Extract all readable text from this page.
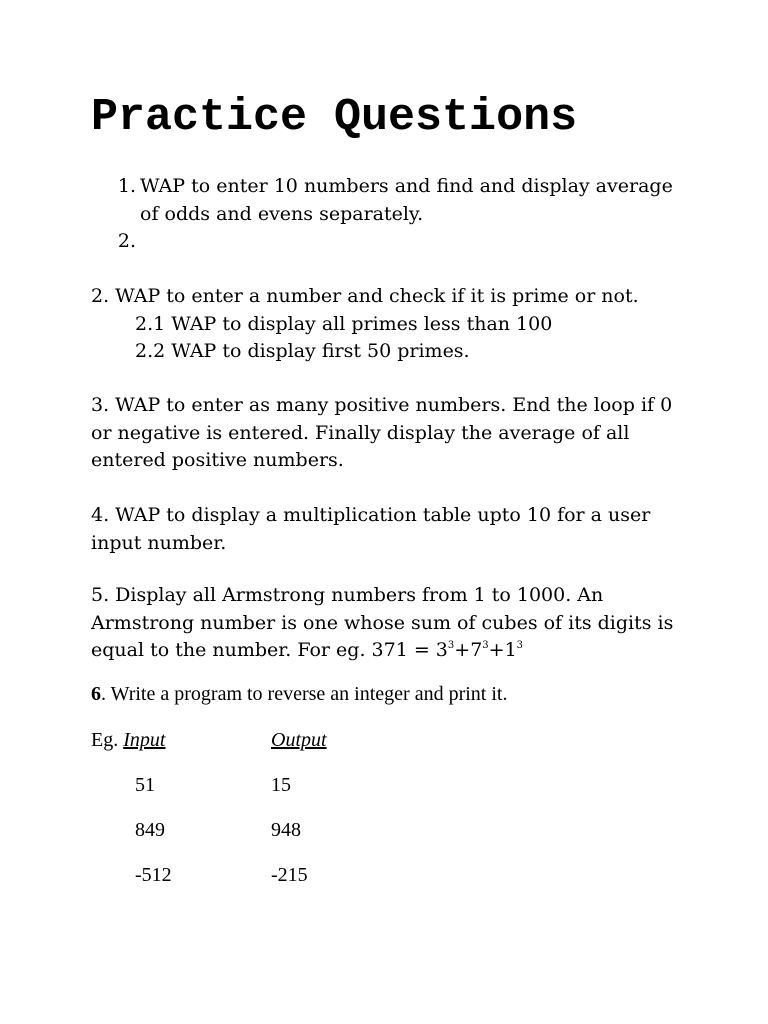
Practice Questions
1. WAP to enter 10 numbers and find and display average of odds and evens separately.
2.
2. WAP to enter a number and check if it is prime or not.
2.1 WAP to display all primes less than 100
2.2 WAP to display first 50 primes.
3. WAP to enter as many positive numbers. End the loop if 0 or negative is entered. Finally display the average of all entered positive numbers.
4. WAP to display a multiplication table upto 10 for a user input number.
5. Display all Armstrong numbers from 1 to 1000. An Armstrong number is one whose sum of cubes of its digits is equal to the number. For eg. $371 = 3^3+7^3+1^3$
6. Write a program to reverse an integer and print it.
Eg. Input	Output
51	15
849	948
-512	-215
